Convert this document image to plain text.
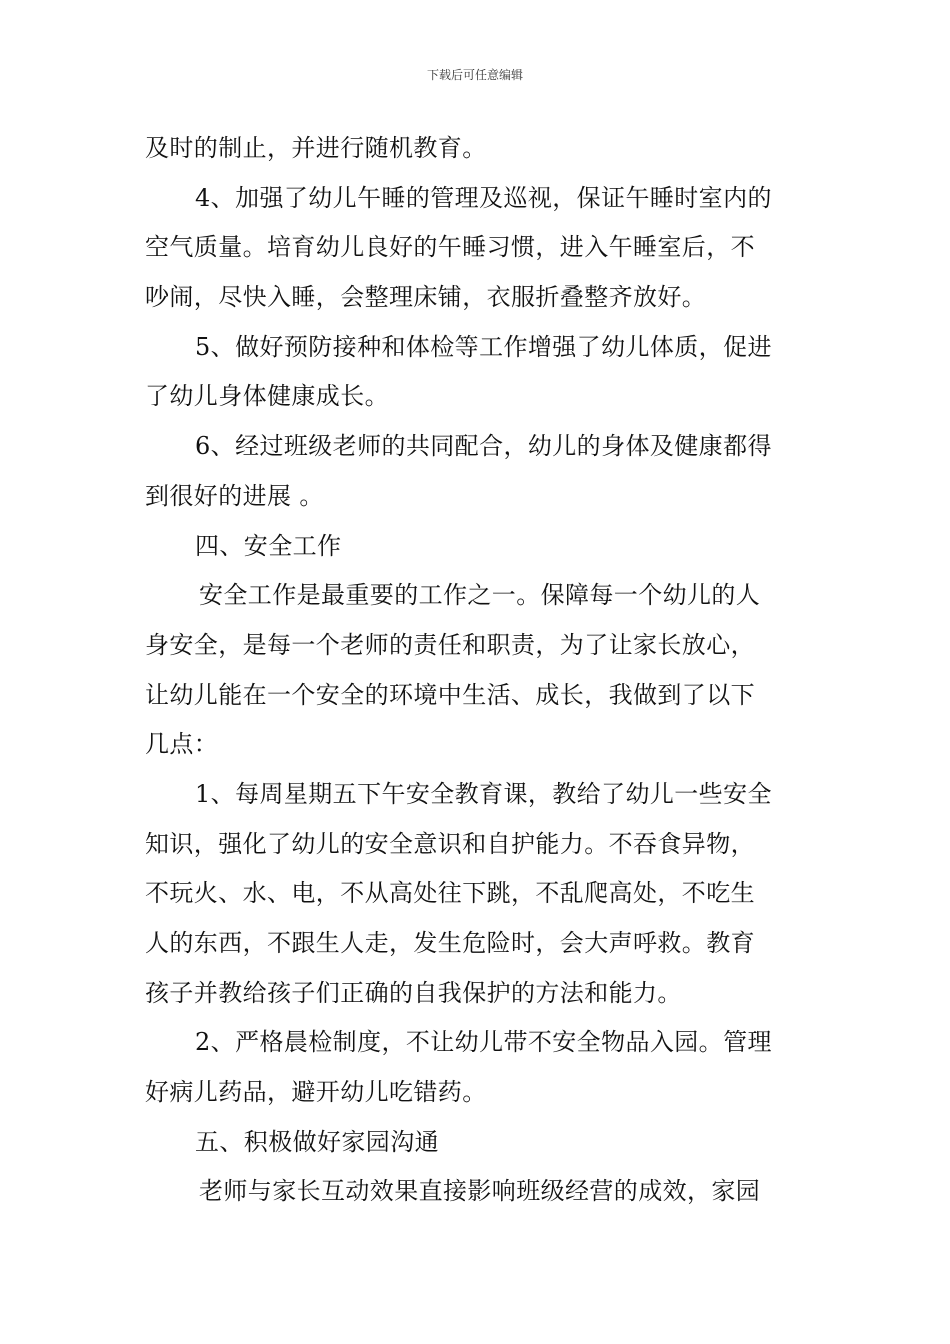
下载后可任意编辑
及时的制止，并进行随机教育。
4、加强了幼儿午睡的管理及巡视，保证午睡时室内的
空气质量。培育幼儿良好的午睡习惯，进入午睡室后，不
吵闹，尽快入睡，会整理床铺，衣服折叠整齐放好。
5、做好预防接种和体检等工作增强了幼儿体质，促进
了幼儿身体健康成长。
6、经过班级老师的共同配合，幼儿的身体及健康都得
到很好的进展 。
四、安全工作
安全工作是最重要的工作之一。保障每一个幼儿的人
身安全，是每一个老师的责任和职责，为了让家长放心，
让幼儿能在一个安全的环境中生活、成长，我做到了以下
几点：
1、每周星期五下午安全教育课，教给了幼儿一些安全
知识，强化了幼儿的安全意识和自护能力。不吞食异物，
不玩火、水、电，不从高处往下跳，不乱爬高处，不吃生
人的东西，不跟生人走，发生危险时，会大声呼救。教育
孩子并教给孩子们正确的自我保护的方法和能力。
2、严格晨检制度，不让幼儿带不安全物品入园。管理
好病儿药品，避开幼儿吃错药。
五、积极做好家园沟通
老师与家长互动效果直接影响班级经营的成效，家园
